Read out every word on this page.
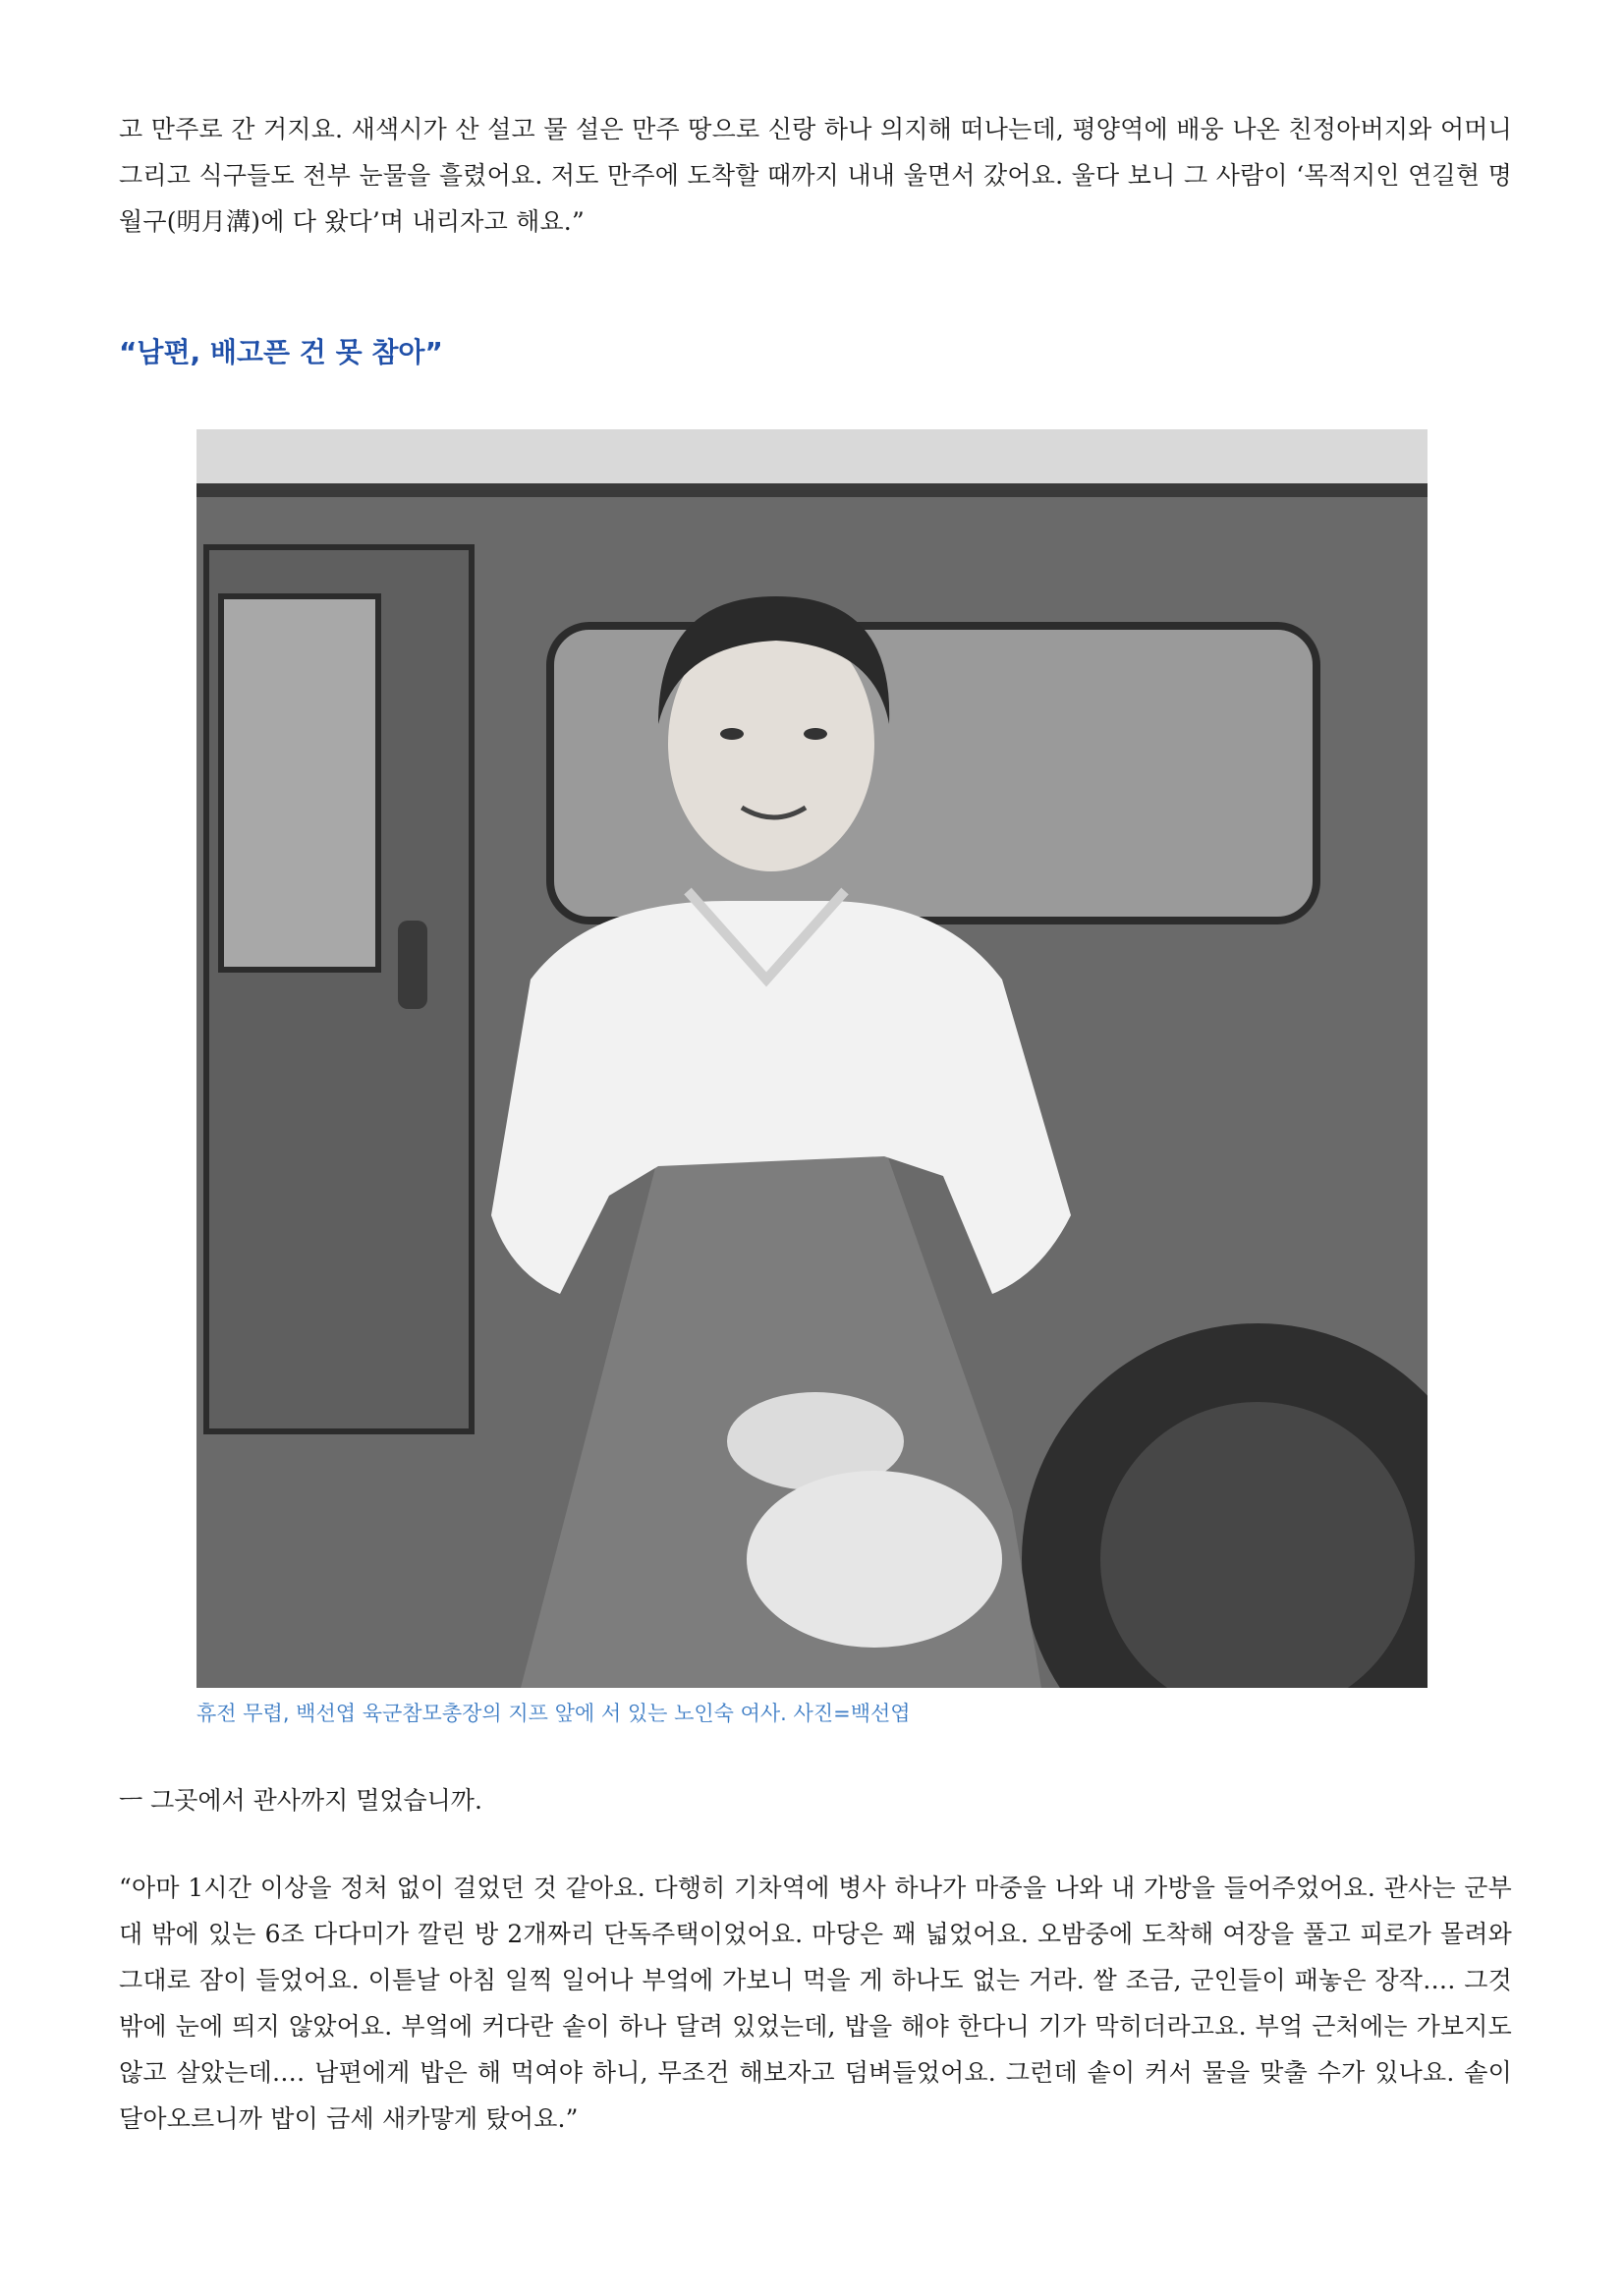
고 만주로 간 거지요. 새색시가 산 설고 물 설은 만주 땅으로 신랑 하나 의지해 떠나는데, 평양역에 배웅 나온 친정아버지와 어머니 그리고 식구들도 전부 눈물을 흘렸어요. 저도 만주에 도착할 때까지 내내 울면서 갔어요. 울다 보니 그 사람이 ‘목적지인 연길현 명월구(明月溝)에 다 왔다’며 내리자고 해요.”

“남편, 배고픈 건 못 참아”

휴전 무렵, 백선엽 육군참모총장의 지프 앞에 서 있는 노인숙 여사. 사진=백선엽

ㅡ 그곳에서 관사까지 멀었습니까.

“아마 1시간 이상을 정처 없이 걸었던 것 같아요. 다행히 기차역에 병사 하나가 마중을 나와 내 가방을 들어주었어요. 관사는 군부대 밖에 있는 6조 다다미가 깔린 방 2개짜리 단독주택이었어요. 마당은 꽤 넓었어요. 오밤중에 도착해 여장을 풀고 피로가 몰려와 그대로 잠이 들었어요. 이튿날 아침 일찍 일어나 부엌에 가보니 먹을 게 하나도 없는 거라. 쌀 조금, 군인들이 패놓은 장작…. 그것밖에 눈에 띄지 않았어요. 부엌에 커다란 솥이 하나 달려 있었는데, 밥을 해야 한다니 기가 막히더라고요. 부엌 근처에는 가보지도 않고 살았는데…. 남편에게 밥은 해 먹여야 하니, 무조건 해보자고 덤벼들었어요. 그런데 솥이 커서 물을 맞출 수가 있나요. 솥이 달아오르니까 밥이 금세 새카맣게 탔어요.”
